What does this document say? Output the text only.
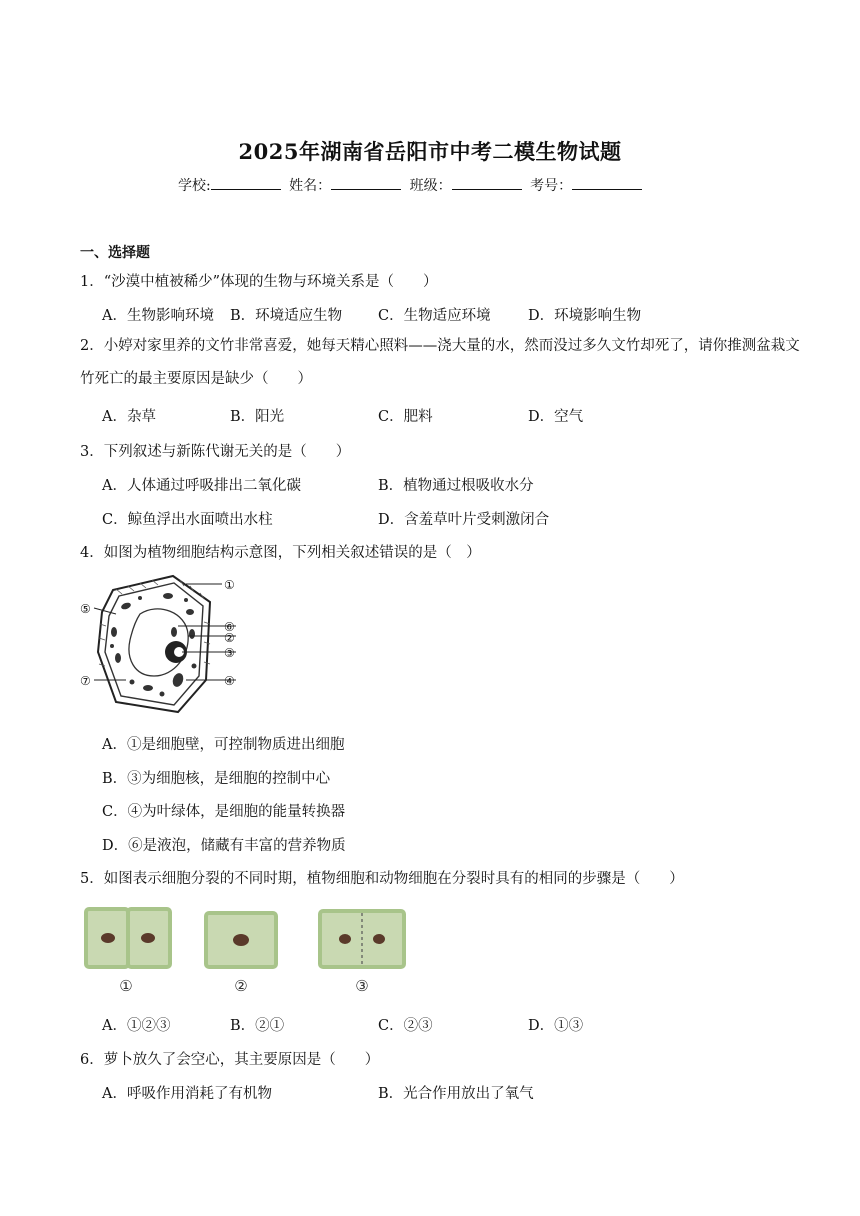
2025年湖南省岳阳市中考二模生物试题
学校:	姓名：	班级：	考号：
一、选择题
1．“沙漠中植被稀少”体现的生物与环境关系是（　　）
A．生物影响环境 B．环境适应生物 C．生物适应环境	D．环境影响生物
2．小婷对家里养的文竹非常喜爱，她每天精心照料——浇大量的水，然而没过多久文竹却死了，请你推测盆栽文竹死亡的最主要原因是缺少（　　）
A．杂草	B．阳光	C．肥料	D．空气
3．下列叙述与新陈代谢无关的是（　　）
A．人体通过呼吸排出二氧化碳	B．植物通过根吸收水分
C．鲸鱼浮出水面喷出水柱	D．含羞草叶片受刺激闭合
4．如图为植物细胞结构示意图，下列相关叙述错误的是（　）
①
②
③
④
⑤
⑥
⑦
A．①是细胞壁，可控制物质进出细胞
B．③为细胞核，是细胞的控制中心
C．④为叶绿体，是细胞的能量转换器
D．⑥是液泡，储藏有丰富的营养物质
5．如图表示细胞分裂的不同时期，植物细胞和动物细胞在分裂时具有的相同的步骤是（　　）
①	②	③
A．①②③	B．②①	C．②③	D．①③
6．萝卜放久了会空心，其主要原因是（　　）
A．呼吸作用消耗了有机物	B．光合作用放出了氧气
